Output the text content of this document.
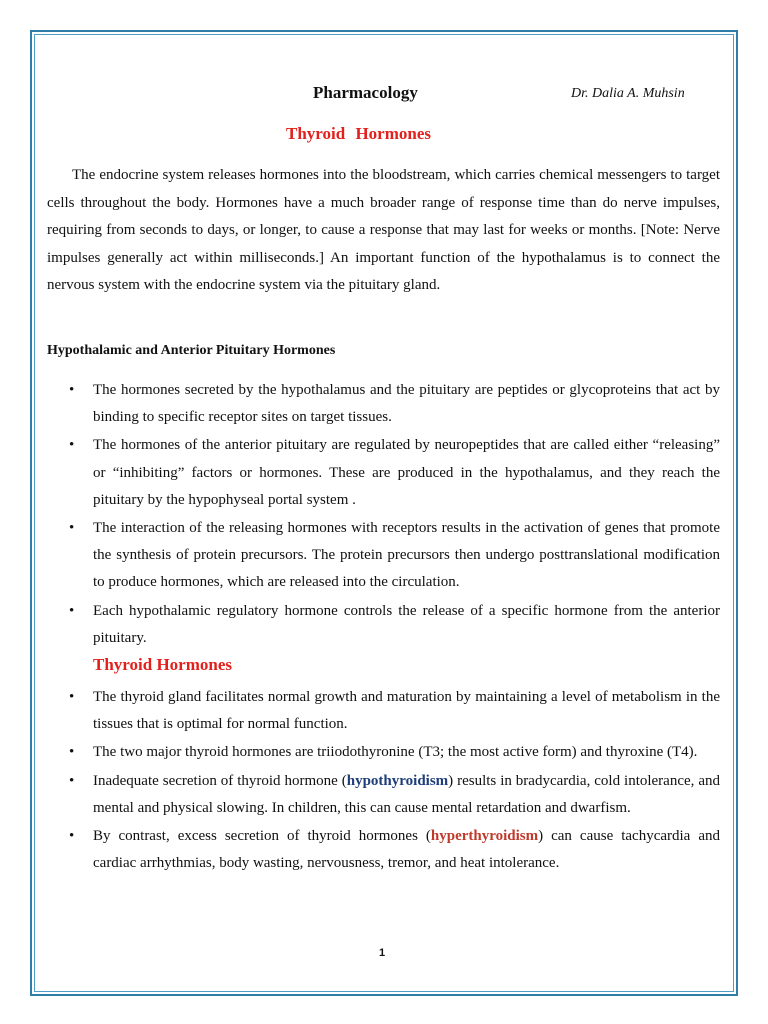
Pharmacology	Dr. Dalia A. Muhsin
Thyroid Hormones

The endocrine system releases hormones into the bloodstream, which carries chemical messengers to target cells throughout the body. Hormones have a much broader range of response time than do nerve impulses, requiring from seconds to days, or longer, to cause a response that may last for weeks or months. [Note: Nerve impulses generally act within milliseconds.] An important function of the hypothalamus is to connect the nervous system with the endocrine system via the pituitary gland.

Hypothalamic and Anterior Pituitary Hormones
• The hormones secreted by the hypothalamus and the pituitary are peptides or glycoproteins that act by binding to specific receptor sites on target tissues.
• The hormones of the anterior pituitary are regulated by neuropeptides that are called either “releasing” or “inhibiting” factors or hormones. These are produced in the hypothalamus, and they reach the pituitary by the hypophyseal portal system .
• The interaction of the releasing hormones with receptors results in the activation of genes that promote the synthesis of protein precursors. The protein precursors then undergo posttranslational modification to produce hormones, which are released into the circulation.
• Each hypothalamic regulatory hormone controls the release of a specific hormone from the anterior pituitary.
Thyroid Hormones
• The thyroid gland facilitates normal growth and maturation by maintaining a level of metabolism in the tissues that is optimal for normal function.
• The two major thyroid hormones are triiodothyronine (T3; the most active form) and thyroxine (T4).
• Inadequate secretion of thyroid hormone (hypothyroidism) results in bradycardia, cold intolerance, and mental and physical slowing. In children, this can cause mental retardation and dwarfism.
• By contrast, excess secretion of thyroid hormones (hyperthyroidism) can cause tachycardia and cardiac arrhythmias, body wasting, nervousness, tremor, and heat intolerance.
1
